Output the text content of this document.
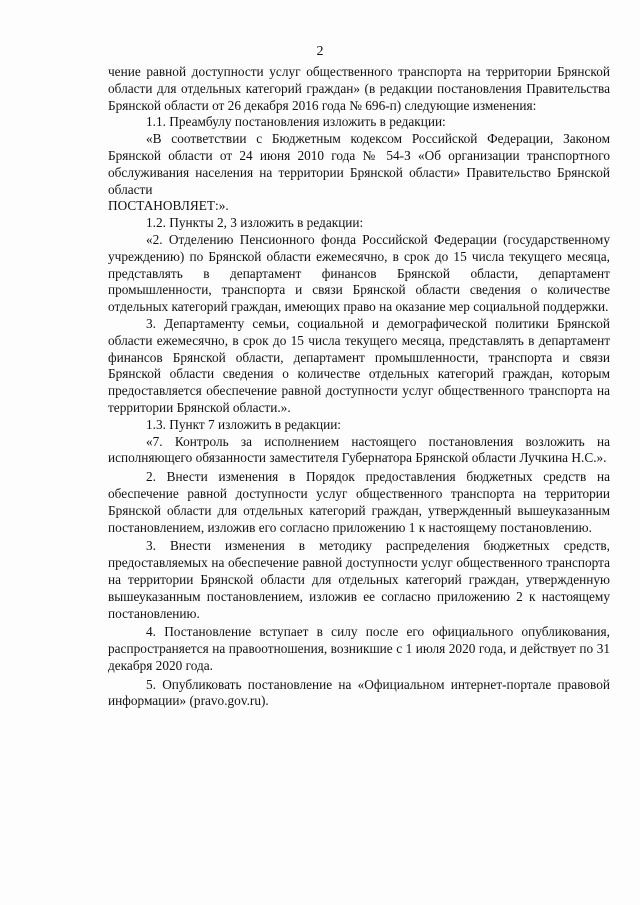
2

чение равной доступности услуг общественного транспорта на территории Брянской области для отдельных категорий граждан» (в редакции постановления Правительства Брянской области от 26 декабря 2016 года № 696-п) следующие изменения:

1.1. Преамбулу постановления изложить в редакции:

«В соответствии с Бюджетным кодексом Российской Федерации, Законом Брянской области от 24 июня 2010 года № 54-З «Об организации транспортного обслуживания населения на территории Брянской области» Правительство Брянской области

ПОСТАНОВЛЯЕТ:».

1.2. Пункты 2, 3 изложить в редакции:

«2. Отделению Пенсионного фонда Российской Федерации (государственному учреждению) по Брянской области ежемесячно, в срок до 15 числа текущего месяца, представлять в департамент финансов Брянской области, департамент промышленности, транспорта и связи Брянской области сведения о количестве отдельных категорий граждан, имеющих право на оказание мер социальной поддержки.

3. Департаменту семьи, социальной и демографической политики Брянской области ежемесячно, в срок до 15 числа текущего месяца, представлять в департамент финансов Брянской области, департамент промышленности, транспорта и связи Брянской области сведения о количестве отдельных категорий граждан, которым предоставляется обеспечение равной доступности услуг общественного транспорта на территории Брянской области.».

1.3. Пункт 7 изложить в редакции:

«7. Контроль за исполнением настоящего постановления возложить на исполняющего обязанности заместителя Губернатора Брянской области Лучкина Н.С.».

2. Внести изменения в Порядок предоставления бюджетных средств на обеспечение равной доступности услуг общественного транспорта на территории Брянской области для отдельных категорий граждан, утвержденный вышеуказанным постановлением, изложив его согласно приложению 1 к настоящему постановлению.

3. Внести изменения в методику распределения бюджетных средств, предоставляемых на обеспечение равной доступности услуг общественного транспорта на территории Брянской области для отдельных категорий граждан, утвержденную вышеуказанным постановлением, изложив ее согласно приложению 2 к настоящему постановлению.

4. Постановление вступает в силу после его официального опубликования, распространяется на правоотношения, возникшие с 1 июля 2020 года, и действует по 31 декабря 2020 года.

5. Опубликовать постановление на «Официальном интернет-портале правовой информации» (pravo.gov.ru).
